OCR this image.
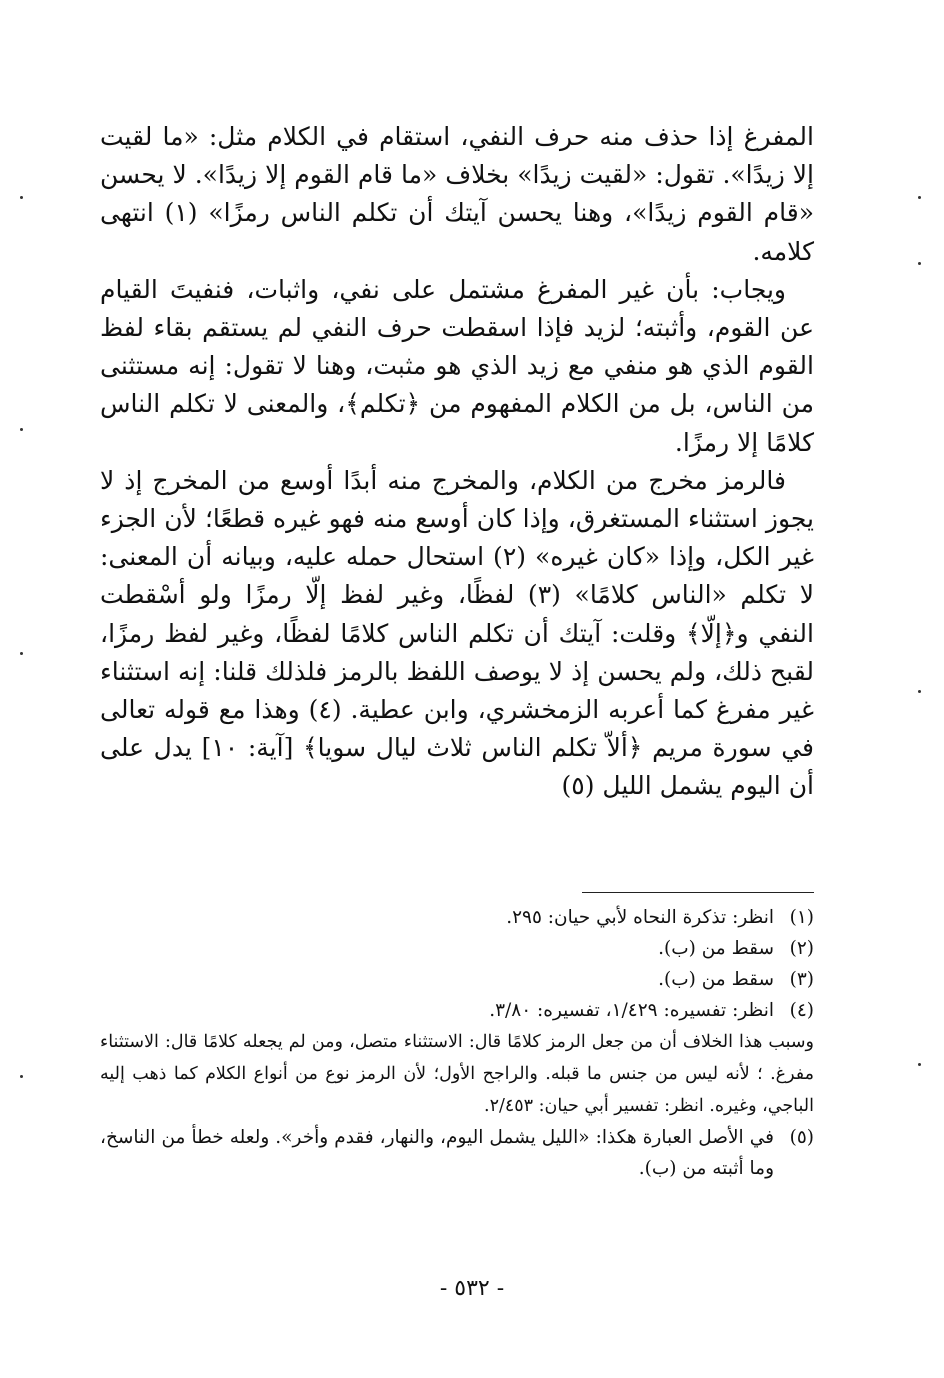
المفرغ إذا حذف منه حرف النفي، استقام في الكلام مثل: «ما لقيت إلا زيدًا». تقول: «لقيت زيدًا» بخلاف «ما قام القوم إلا زيدًا». لا يحسن «قام القوم زيدًا»، وهنا يحسن آيتك أن تكلم الناس رمزًا» (١) انتهى كلامه.

ويجاب: بأن غير المفرغ مشتمل على نفي، واثبات، فنفيتَ القيام عن القوم، وأثبته؛ لزيد فإذا اسقطت حرف النفي لم يستقم بقاء لفظ القوم الذي هو منفي مع زيد الذي هو مثبت، وهنا لا تقول: إنه مستثنى من الناس، بل من الكلام المفهوم من ﴿تكلم﴾، والمعنى لا تكلم الناس كلامًا إلا رمزًا.

فالرمز مخرج من الكلام، والمخرج منه أبدًا أوسع من المخرج إذ لا يجوز استثناء المستغرق، وإذا كان أوسع منه فهو غيره قطعًا؛ لأن الجزء غير الكل، وإذا «كان غيره» (٢) استحال حمله عليه، وبيانه أن المعنى: لا تكلم «الناس كلامًا» (٣) لفظًا، وغير لفظ إلّا رمزًا ولو أسْقطت النفي و﴿إلّا﴾ وقلت: آيتك أن تكلم الناس كلامًا لفظًا، وغير لفظ رمزًا، لقبح ذلك، ولم يحسن إذ لا يوصف اللفظ بالرمز فلذلك قلنا: إنه استثناء غير مفرغ كما أعربه الزمخشري، وابن عطية. (٤) وهذا مع قوله تعالى في سورة مريم ﴿ألاّ تكلم الناس ثلاث ليال سويا﴾ [آية: ١٠] يدل على أن اليوم يشمل الليل (٥)

(١)
انظر: تذكرة النحاه لأبي حيان: ٢٩٥.
(٢)
سقط من (ب).
(٣)
سقط من (ب).
(٤)
انظر: تفسيره: ١/٤٢٩، تفسيره: ٣/٨٠.
وسبب هذا الخلاف أن من جعل الرمز كلامًا قال: الاستثناء متصل، ومن لم يجعله كلامًا قال: الاستثناء مفرغ. ؛ لأنه ليس من جنس ما قبله. والراجح الأول؛ لأن الرمز نوع من أنواع الكلام كما ذهب إليه الباجي، وغيره. انظر: تفسير أبي حيان: ٢/٤٥٣.
(٥)
في الأصل العبارة هكذا: «الليل يشمل اليوم، والنهار، فقدم وأخر». ولعله خطأ من الناسخ، وما أثبته من (ب).
- ٥٣٢ -
